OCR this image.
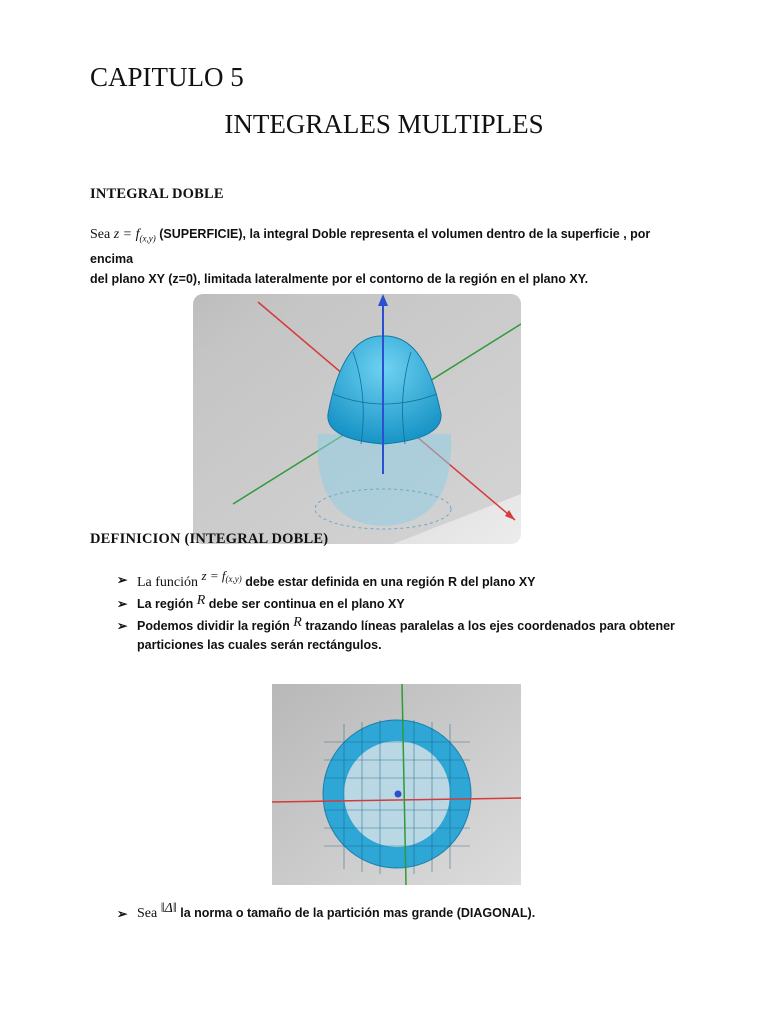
CAPITULO 5
INTEGRALES MULTIPLES
INTEGRAL DOBLE
Sea $z = f_{(x,y)}$ (SUPERFICIE), la integral Doble representa el volumen dentro de la superficie , por encima
del plano XY (z=0), limitada lateralmente por el contorno de la región en el plano XY.
DEFINICION (INTEGRAL DOBLE)
➢ La función $z = f_{(x,y)}$ debe estar definida en una región R del plano XY
➢ La región R debe ser continua en el plano XY
➢ Podemos dividir la región R trazando líneas paralelas a los ejes coordenados para obtener
particiones las cuales serán rectángulos.
➢ Sea ‖Δ‖ la norma o tamaño de la partición mas grande (DIAGONAL).
